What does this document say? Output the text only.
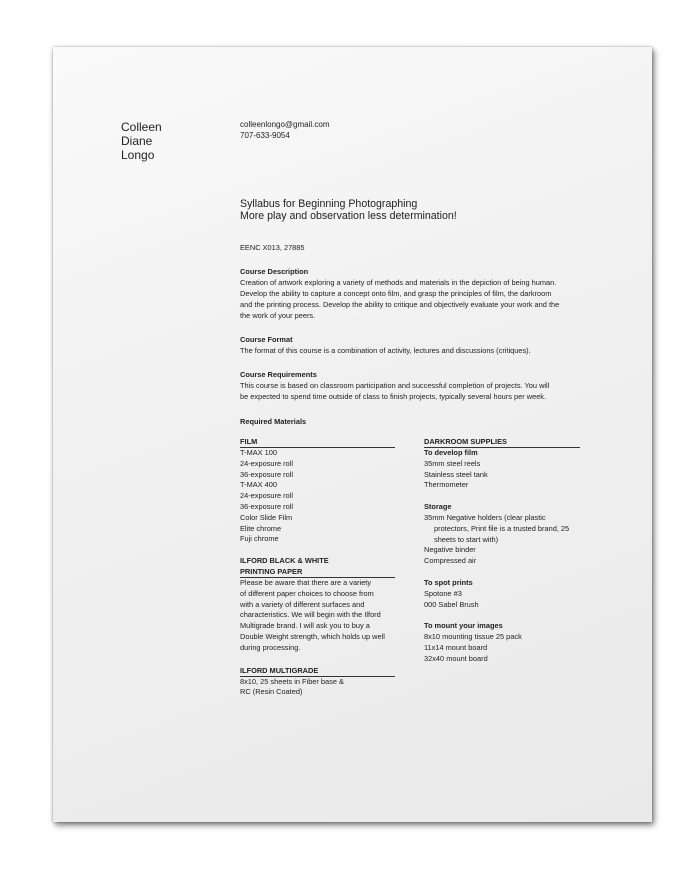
Colleen
Diane
Longo
colleenlongo@gmail.com
707-633-9054
Syllabus for Beginning Photographing
More play and observation less determination!
EENC X013, 27885
Course Description
Creation of artwork exploring a variety of methods and materials in the depiction of being human.
Develop the ability to capture a concept onto film, and grasp the principles of film, the darkroom
and the printing process. Develop the ability to critique and objectively evaluate your work and the
the work of your peers.
Course Format
The format of this course is a combination of activity, lectures and discussions (critiques).
Course Requirements
This course is based on classroom participation and successful completion of projects. You will
be expected to spend time outside of class to finish projects, typically several hours per week.
Required Materials
FILM
T-MAX 100
24-exposure roll
36-exposure roll
T-MAX 400
24-exposure roll
36-exposure roll
Color Slide Film
Elite chrome
Fuji chrome
ILFORD BLACK & WHITE
PRINTING PAPER
Please be aware that there are a variety
of different paper choices to choose from
with a variety of different surfaces and
characteristics. We will begin with the Ilford
Multigrade brand. I will ask you to buy a
Double Weight strength, which holds up well
during processing.
ILFORD MULTIGRADE
8x10, 25 sheets in Fiber base &
RC (Resin Coated)
DARKROOM SUPPLIES
To develop film
35mm steel reels
Stainless steel tank
Thermometer
Storage
35mm Negative holders (clear plastic
protectors, Print file is a trusted brand, 25
sheets to start with)
Negative binder
Compressed air
To spot prints
Spotone #3
000 Sabel Brush
To mount your images
8x10 mounting tissue 25 pack
11x14 mount board
32x40 mount board
